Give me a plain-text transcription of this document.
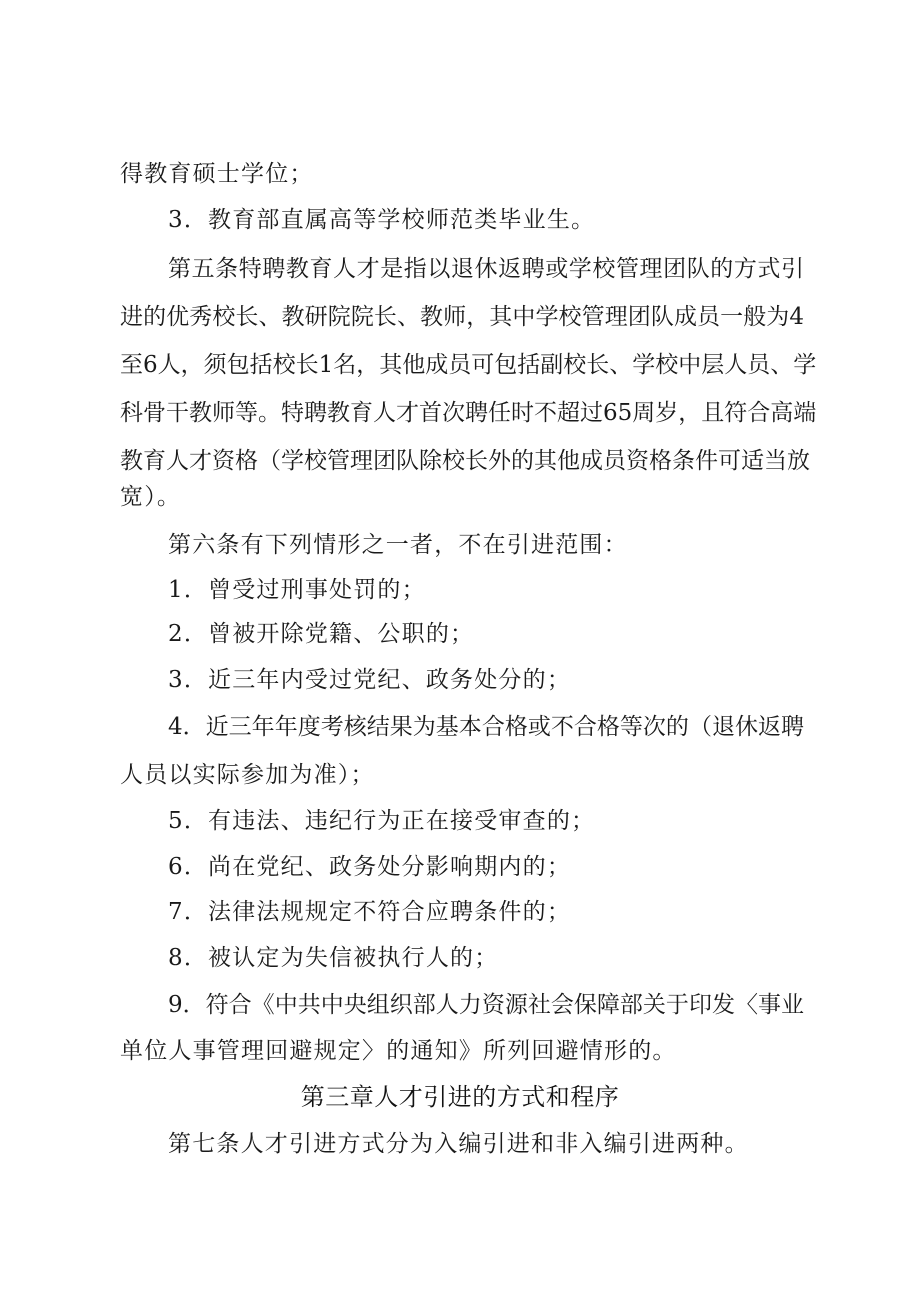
得教育硕士学位；
3．教育部直属高等学校师范类毕业生。
第五条特聘教育人才是指以退休返聘或学校管理团队的方式引
进的优秀校长、教研院院长、教师，其中学校管理团队成员一般为4
至6人，须包括校长1名，其他成员可包括副校长、学校中层人员、学
科骨干教师等。特聘教育人才首次聘任时不超过65周岁，且符合高端
教育人才资格（学校管理团队除校长外的其他成员资格条件可适当放
宽）。
第六条有下列情形之一者，不在引进范围：
1．曾受过刑事处罚的；
2．曾被开除党籍、公职的；
3．近三年内受过党纪、政务处分的；
4．近三年年度考核结果为基本合格或不合格等次的（退休返聘
人员以实际参加为准）；
5．有违法、违纪行为正在接受审查的；
6．尚在党纪、政务处分影响期内的；
7．法律法规规定不符合应聘条件的；
8．被认定为失信被执行人的；
9．符合《中共中央组织部人力资源社会保障部关于印发〈事业
单位人事管理回避规定〉的通知》所列回避情形的。
第三章人才引进的方式和程序
第七条人才引进方式分为入编引进和非入编引进两种。
